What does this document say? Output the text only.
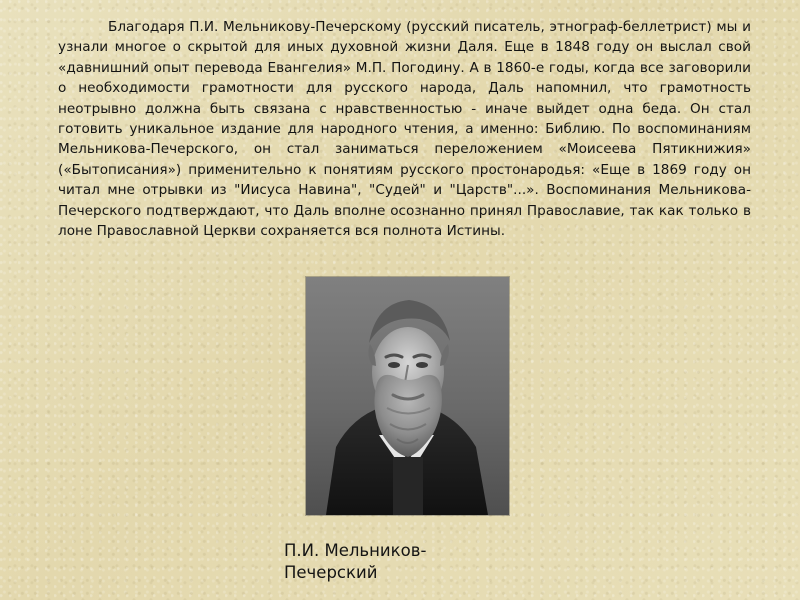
Благодаря П.И. Мельникову-Печерскому (русский писатель, этнограф-беллетрист) мы и узнали многое о скрытой для иных духовной жизни Даля. Еще в 1848 году он выслал свой «давнишний опыт перевода Евангелия» М.П. Погодину. А в 1860-е годы, когда все заговорили о необходимости грамотности для русского народа, Даль напомнил, что грамотность неотрывно должна быть связана с нравственностью - иначе выйдет одна беда. Он стал готовить уникальное издание для народного чтения, а именно: Библию. По воспоминаниям Мельникова-Печерского, он стал заниматься переложением «Моисеева Пятикнижия» («Бытописания») применительно к понятиям русского простонародья: «Еще в 1869 году он читал мне отрывки из "Иисуса Навина", "Судей" и "Царств"...». Воспоминания Мельникова-Печерского подтверждают, что Даль вполне осознанно принял Православие, так как только в лоне Православной Церкви сохраняется вся полнота Истины.

П.И. Мельников-Печерский
